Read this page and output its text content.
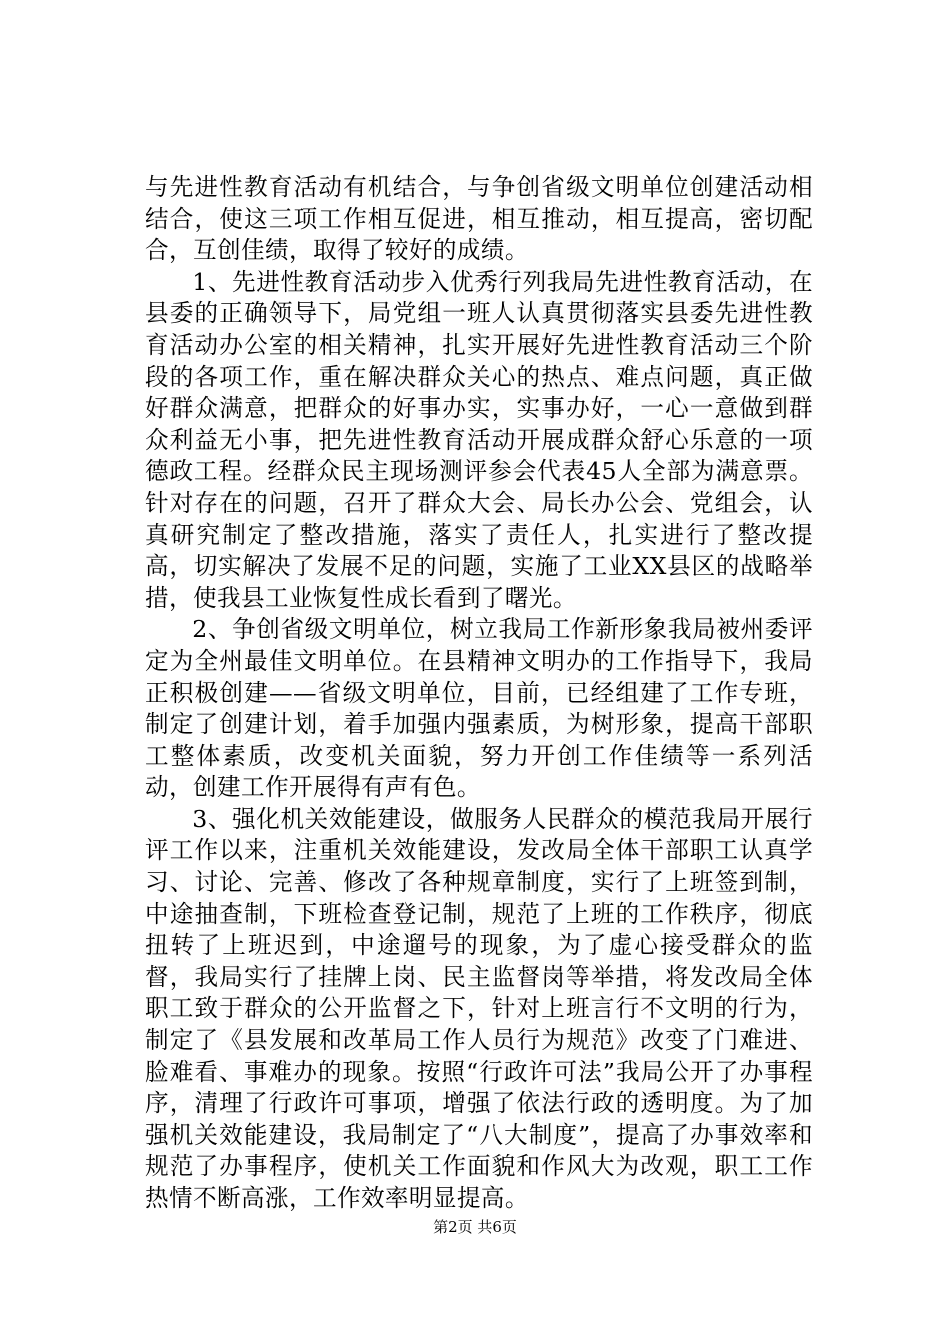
与先进性教育活动有机结合，与争创省级文明单位创建活动相结合，使这三项工作相互促进，相互推动，相互提高，密切配合，互创佳绩，取得了较好的成绩。

1、先进性教育活动步入优秀行列我局先进性教育活动，在县委的正确领导下，局党组一班人认真贯彻落实县委先进性教育活动办公室的相关精神，扎实开展好先进性教育活动三个阶段的各项工作，重在解决群众关心的热点、难点问题，真正做好群众满意，把群众的好事办实，实事办好，一心一意做到群众利益无小事，把先进性教育活动开展成群众舒心乐意的一项德政工程。经群众民主现场测评参会代表45人全部为满意票。针对存在的问题，召开了群众大会、局长办公会、党组会，认真研究制定了整改措施，落实了责任人，扎实进行了整改提高，切实解决了发展不足的问题，实施了工业XX县区的战略举措，使我县工业恢复性成长看到了曙光。

2、争创省级文明单位，树立我局工作新形象我局被州委评定为全州最佳文明单位。在县精神文明办的工作指导下，我局正积极创建——省级文明单位，目前，已经组建了工作专班，制定了创建计划，着手加强内强素质，为树形象，提高干部职工整体素质，改变机关面貌，努力开创工作佳绩等一系列活动，创建工作开展得有声有色。

3、强化机关效能建设，做服务人民群众的模范我局开展行评工作以来，注重机关效能建设，发改局全体干部职工认真学习、讨论、完善、修改了各种规章制度，实行了上班签到制，中途抽查制，下班检查登记制，规范了上班的工作秩序，彻底扭转了上班迟到，中途遛号的现象，为了虚心接受群众的监督，我局实行了挂牌上岗、民主监督岗等举措，将发改局全体职工致于群众的公开监督之下，针对上班言行不文明的行为，制定了《县发展和改革局工作人员行为规范》改变了门难进、脸难看、事难办的现象。按照“行政许可法”我局公开了办事程序，清理了行政许可事项，增强了依法行政的透明度。为了加强机关效能建设，我局制定了“八大制度”，提高了办事效率和规范了办事程序，使机关工作面貌和作风大为改观，职工工作热情不断高涨，工作效率明显提高。

第2页 共6页
